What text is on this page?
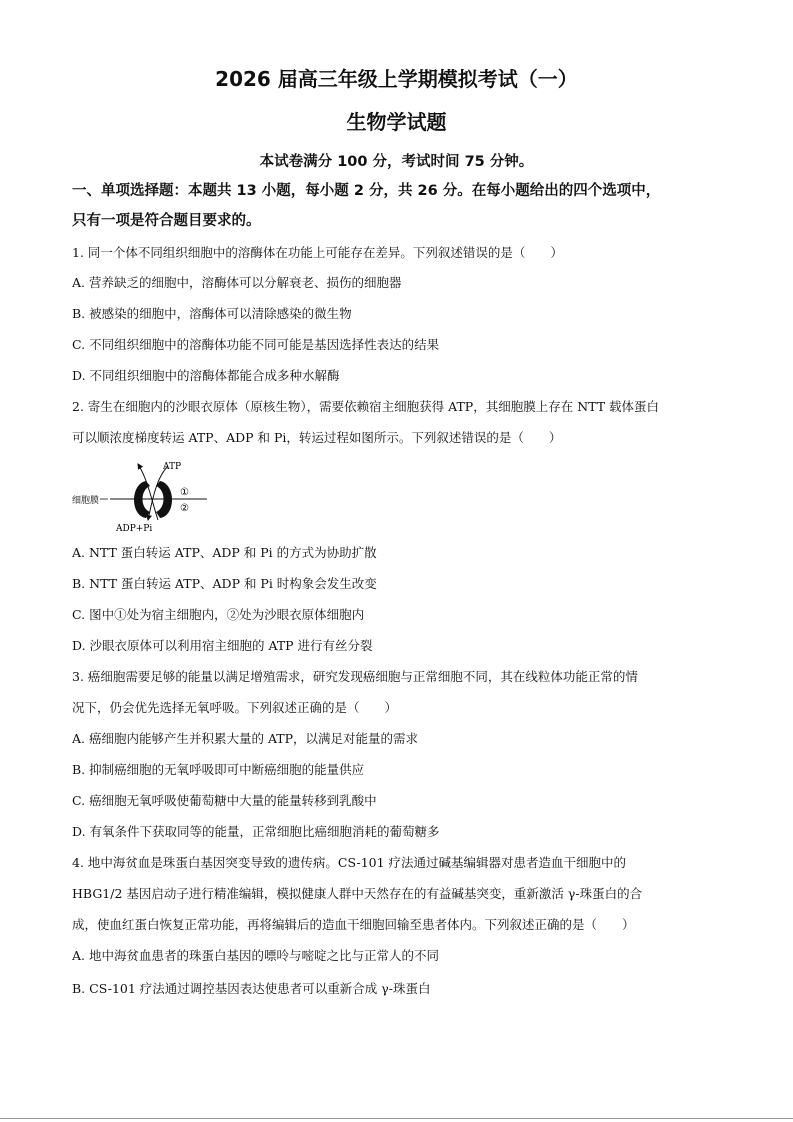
2026 届高三年级上学期模拟考试（一）
生物学试题
本试卷满分 100 分，考试时间 75 分钟。
一、单项选择题：本题共 13 小题，每小题 2 分，共 26 分。在每小题给出的四个选项中，
只有一项是符合题目要求的。
1. 同一个体不同组织细胞中的溶酶体在功能上可能存在差异。下列叙述错误的是（　　）
A. 营养缺乏的细胞中，溶酶体可以分解衰老、损伤的细胞器
B. 被感染的细胞中，溶酶体可以清除感染的微生物
C. 不同组织细胞中的溶酶体功能不同可能是基因选择性表达的结果
D. 不同组织细胞中的溶酶体都能合成多种水解酶
2. 寄生在细胞内的沙眼衣原体（原核生物），需要依赖宿主细胞获得 ATP，其细胞膜上存在 NTT 载体蛋白
可以顺浓度梯度转运 ATP、ADP 和 Pi，转运过程如图所示。下列叙述错误的是（　　）
细胞膜
ATP
ADP+Pi
①
②
A. NTT 蛋白转运 ATP、ADP 和 Pi 的方式为协助扩散
B. NTT 蛋白转运 ATP、ADP 和 Pi 时构象会发生改变
C. 图中①处为宿主细胞内，②处为沙眼衣原体细胞内
D. 沙眼衣原体可以利用宿主细胞的 ATP 进行有丝分裂
3. 癌细胞需要足够的能量以满足增殖需求，研究发现癌细胞与正常细胞不同，其在线粒体功能正常的情
况下，仍会优先选择无氧呼吸。下列叙述正确的是（　　）
A. 癌细胞内能够产生并积累大量的 ATP，以满足对能量的需求
B. 抑制癌细胞的无氧呼吸即可中断癌细胞的能量供应
C. 癌细胞无氧呼吸使葡萄糖中大量的能量转移到乳酸中
D. 有氧条件下获取同等的能量，正常细胞比癌细胞消耗的葡萄糖多
4. 地中海贫血是珠蛋白基因突变导致的遗传病。CS-101 疗法通过碱基编辑器对患者造血干细胞中的
HBG1/2 基因启动子进行精准编辑，模拟健康人群中天然存在的有益碱基突变，重新激活 γ-珠蛋白的合
成，使血红蛋白恢复正常功能，再将编辑后的造血干细胞回输至患者体内。下列叙述正确的是（　　）
A. 地中海贫血患者的珠蛋白基因的嘌呤与嘧啶之比与正常人的不同
B. CS-101 疗法通过调控基因表达使患者可以重新合成 γ-珠蛋白
